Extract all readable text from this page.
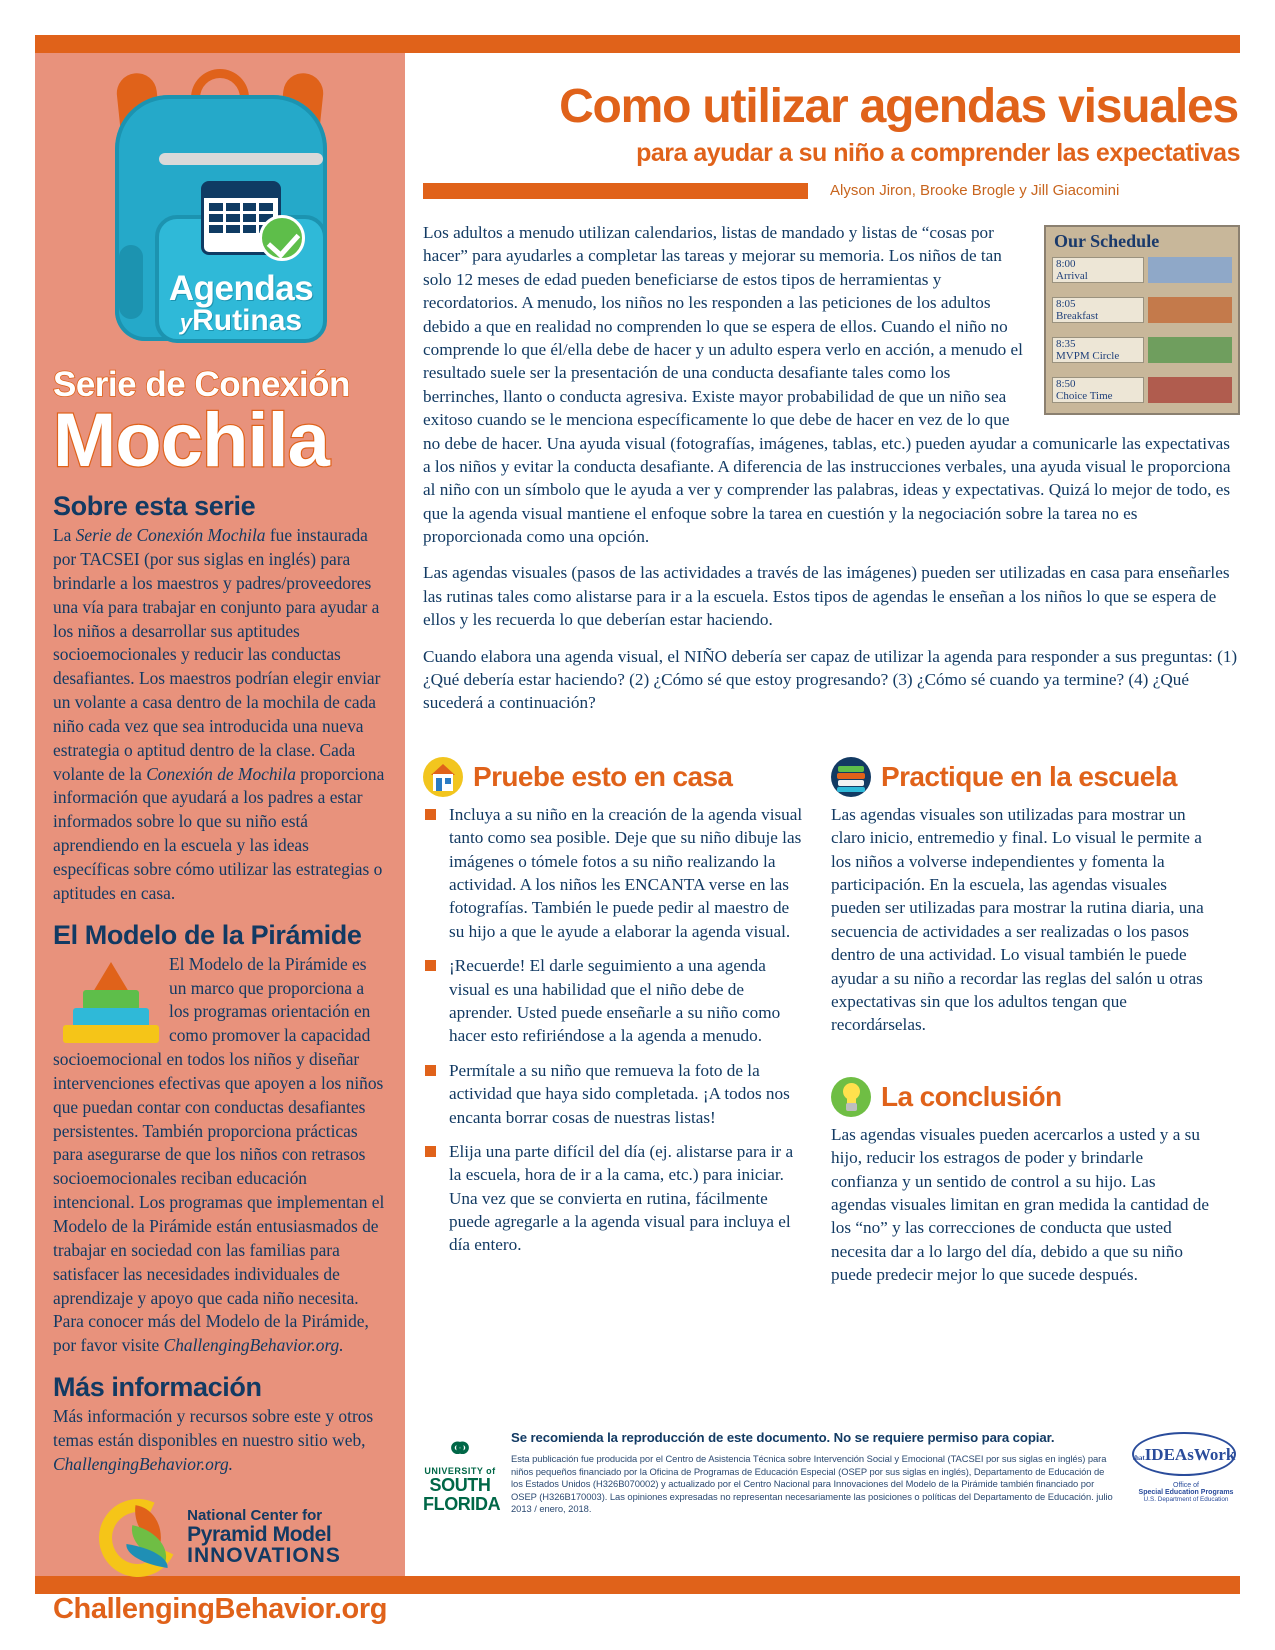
Agendas
yRutinas
Serie de Conexión
Mochila
Sobre esta serie

La Serie de Conexión Mochila fue instaurada por TACSEI (por sus siglas en inglés) para brindarle a los maestros y padres/proveedores una vía para trabajar en conjunto para ayudar a los niños a desarrollar sus aptitudes socioemocionales y reducir las conductas desafiantes. Los maestros podrían elegir enviar un volante a casa dentro de la mochila de cada niño cada vez que sea introducida una nueva estrategia o aptitud dentro de la clase. Cada volante de la Conexión de Mochila proporciona información que ayudará a los padres a estar informados sobre lo que su niño está aprendiendo en la escuela y las ideas específicas sobre cómo utilizar las estrategias o aptitudes en casa.

El Modelo de la Pirámide

El Modelo de la Pirámide es un marco que proporciona a los programas orientación en como promover la capacidad socioemocional en todos los niños y diseñar intervenciones efectivas que apoyen a los niños que puedan contar con conductas desafiantes persistentes. También proporciona prácticas para asegurarse de que los niños con retrasos socioemocionales reciban educación intencional. Los programas que implementan el Modelo de la Pirámide están entusiasmados de trabajar en sociedad con las familias para satisfacer las necesidades individuales de aprendizaje y apoyo que cada niño necesita. Para conocer más del Modelo de la Pirámide, por favor visite ChallengingBehavior.org.

Más información

Más información y recursos sobre este y otros temas están disponibles en nuestro sitio web, ChallengingBehavior.org.

National Center for
Pyramid Model
INNOVATIONS
ChallengingBehavior.org
Como utilizar agendas visuales
para ayudar a su niño a comprender las expectativas
Alyson Jiron, Brooke Brogle y Jill Giacomini
Our Schedule
8:00
Arrival
8:05
Breakfast
8:35
MVPM Circle
8:50
Choice Time

Los adultos a menudo utilizan calendarios, listas de mandado y listas de “cosas por hacer” para ayudarles a completar las tareas y mejorar su memoria. Los niños de tan solo 12 meses de edad pueden beneficiarse de estos tipos de herramientas y recordatorios. A menudo, los niños no les responden a las peticiones de los adultos debido a que en realidad no comprenden lo que se espera de ellos. Cuando el niño no comprende lo que él/ella debe de hacer y un adulto espera verlo en acción, a menudo el resultado suele ser la presentación de una conducta desafiante tales como los berrinches, llanto o conducta agresiva. Existe mayor probabilidad de que un niño sea exitoso cuando se le menciona específicamente lo que debe de hacer en vez de lo que no debe de hacer. Una ayuda visual (fotografías, imágenes, tablas, etc.) pueden ayudar a comunicarle las expectativas a los niños y evitar la conducta desafiante. A diferencia de las instrucciones verbales, una ayuda visual le proporciona al niño con un símbolo que le ayuda a ver y comprender las palabras, ideas y expectativas. Quizá lo mejor de todo, es que la agenda visual mantiene el enfoque sobre la tarea en cuestión y la negociación sobre la tarea no es proporcionada como una opción.

Las agendas visuales (pasos de las actividades a través de las imágenes) pueden ser utilizadas en casa para enseñarles las rutinas tales como alistarse para ir a la escuela. Estos tipos de agendas le enseñan a los niños lo que se espera de ellos y les recuerda lo que deberían estar haciendo.

Cuando elabora una agenda visual, el NIÑO debería ser capaz de utilizar la agenda para responder a sus preguntas: (1) ¿Qué debería estar haciendo? (2) ¿Cómo sé que estoy progresando? (3) ¿Cómo sé cuando ya termine? (4) ¿Qué sucederá a continuación?

Pruebe esto en casa
Incluya a su niño en la creación de la agenda visual tanto como sea posible. Deje que su niño dibuje las imágenes o tómele fotos a su niño realizando la actividad. A los niños les ENCANTA verse en las fotografías. También le puede pedir al maestro de su hijo a que le ayude a elaborar la agenda visual.
¡Recuerde! El darle seguimiento a una agenda visual es una habilidad que el niño debe de aprender. Usted puede enseñarle a su niño como hacer esto refiriéndose a la agenda a menudo.
Permítale a su niño que remueva la foto de la actividad que haya sido completada. ¡A todos nos encanta borrar cosas de nuestras listas!
Elija una parte difícil del día (ej. alistarse para ir a la escuela, hora de ir a la cama, etc.) para iniciar. Una vez que se convierta en rutina, fácilmente puede agregarle a la agenda visual para incluya el día entero.
Practique en la escuela

Las agendas visuales son utilizadas para mostrar un claro inicio, entremedio y final. Lo visual le permite a los niños a volverse independientes y fomenta la participación. En la escuela, las agendas visuales pueden ser utilizadas para mostrar la rutina diaria, una secuencia de actividades a ser realizadas o los pasos dentro de una actividad. Lo visual también le puede ayudar a su niño a recordar las reglas del salón u otras expectativas sin que los adultos tengan que recordárselas.

La conclusión

Las agendas visuales pueden acercarlos a usted y a su hijo, reducir los estragos de poder y brindarle confianza y un sentido de control a su hijo. Las agendas visuales limitan en gran medida la cantidad de los “no” y las correcciones de conducta que usted necesita dar a lo largo del día, debido a que su niño puede predecir mejor lo que sucede después.

⚭
UNIVERSITY of
SOUTH
FLORIDA
Se recomienda la reproducción de este documento. No se requiere permiso para copiar.
Esta publicación fue producida por el Centro de Asistencia Técnica sobre Intervención Social y Emocional (TACSEI por sus siglas en inglés) para niños pequeños financiado por la Oficina de Programas de Educación Especial (OSEP por sus siglas en inglés), Departamento de Educación de los Estados Unidos (H326B070002) y actualizado por el Centro Nacional para Innovaciones del Modelo de la Pirámide también financiado por OSEP (H326B170003). Las opiniones expresadas no representan necesariamente las posiciones o políticas del Departamento de Educación. julio 2013 / enero, 2018.
thatIDEAsWork
Office of
Special Education Programs
U.S. Department of Education
